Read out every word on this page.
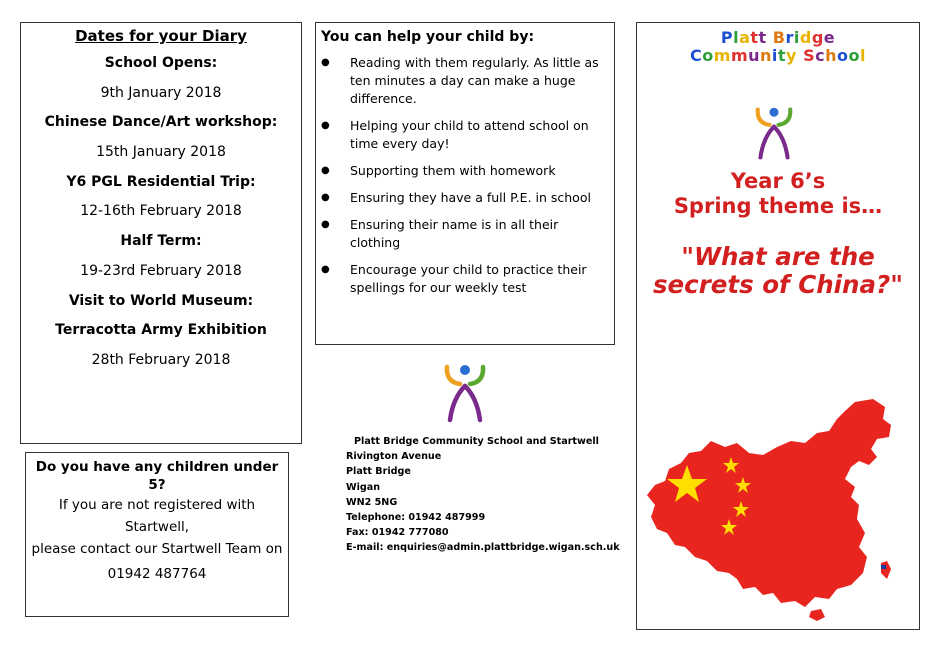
Dates for your Diary
School Opens:
9th January 2018
Chinese Dance/Art workshop:
15th January 2018
Y6 PGL Residential Trip:
12-16th February 2018
Half Term:
19-23rd February 2018
Visit to World Museum:
Terracotta Army Exhibition
28th February 2018
You can help your child by:
● Reading with them regularly. As little as ten minutes a day can make a huge difference.
● Helping your child to attend school on time every day!
● Supporting them with homework
● Ensuring they have a full P.E. in school
● Ensuring their name is in all their clothing
● Encourage your child to practice their spellings for our weekly test
Do you have any children under 5?
If you are not registered with Startwell,
please contact our Startwell Team on
01942 487764
Platt Bridge Community School and Startwell
Rivington Avenue
Platt Bridge
Wigan
WN2 5NG
Telephone: 01942 487999
Fax: 01942 777080
E-mail: enquiries@admin.plattbridge.wigan.sch.uk
Platt Bridge
Community School
Year 6’s
Spring theme is…
"What are the
secrets of China?"
